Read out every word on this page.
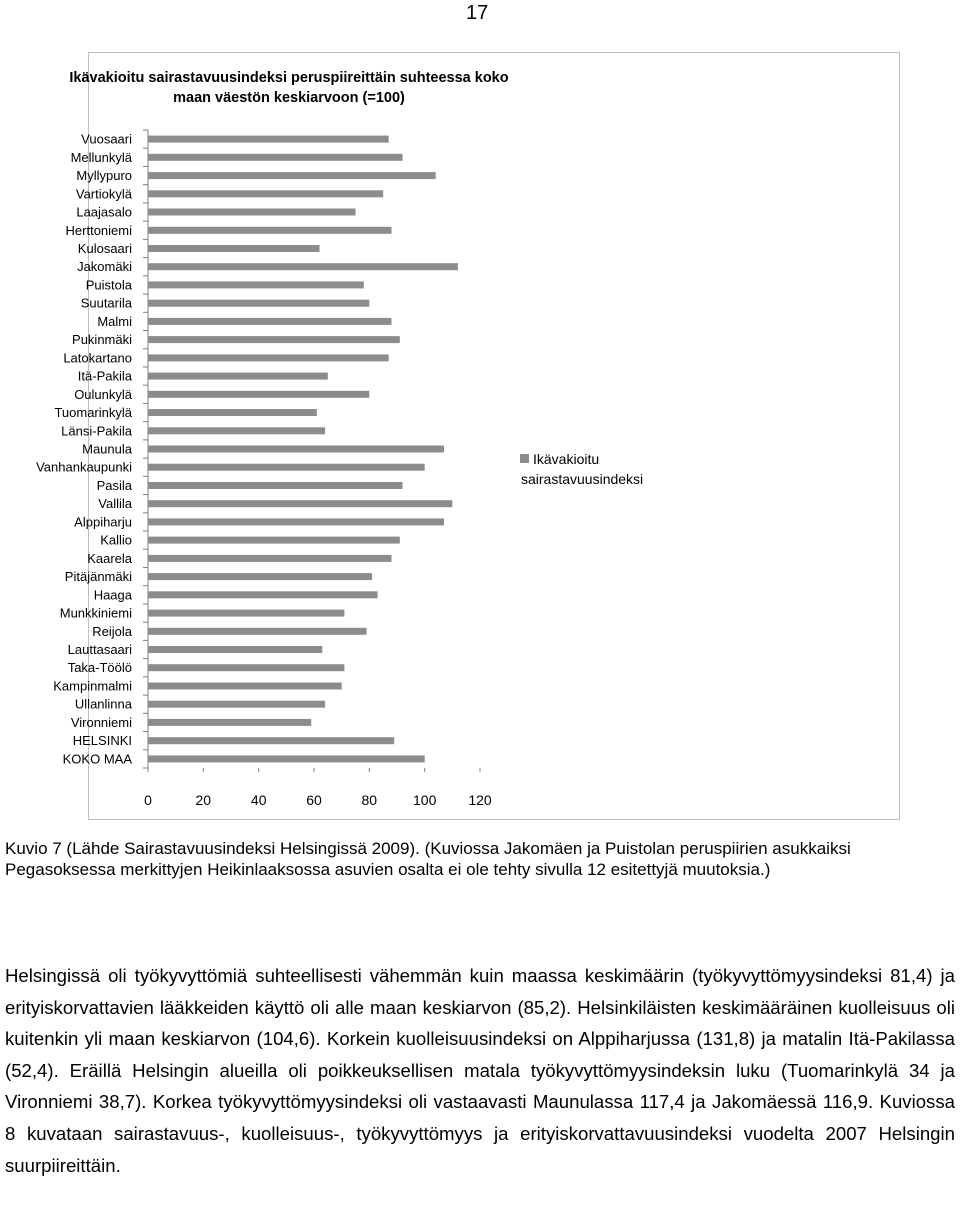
17
Ikävakioitu sairastavuusindeksi peruspiireittäin suhteessa koko maan väestön keskiarvoon (=100)
Vuosaari
Mellunkylä
Myllypuro
Vartiokylä
Laajasalo
Herttoniemi
Kulosaari
Jakomäki
Puistola
Suutarila
Malmi
Pukinmäki
Latokartano
Itä-Pakila
Oulunkylä
Tuomarinkylä
Länsi-Pakila
Maunula
Vanhankaupunki
Pasila
Vallila
Alppiharju
Kallio
Kaarela
Pitäjänmäki
Haaga
Munkkiniemi
Reijola
Lauttasaari
Taka-Töölö
Kampinmalmi
Ullanlinna
Vironniemi
HELSINKI
KOKO MAA
0	20	40	60	80	100 120
Ikävakioitu sairastavuusindeksi
Kuvio 7 (Lähde Sairastavuusindeksi Helsingissä 2009). (Kuviossa Jakomäen ja Puistolan peruspiirien asukkaiksi Pegasoksessa merkittyjen Heikinlaaksossa asuvien osalta ei ole tehty sivulla 12 esitettyjä muutoksia.)

Helsingissä oli työkyvyttömiä suhteellisesti vähemmän kuin maassa keskimäärin (työkyvyttömyysindeksi 81,4) ja erityiskorvattavien lääkkeiden käyttö oli alle maan keskiarvon (85,2). Helsinkiläisten keskimääräinen kuolleisuus oli kuitenkin yli maan keskiarvon (104,6). Korkein kuolleisuusindeksi on Alppiharjussa (131,8) ja matalin Itä-Pakilassa (52,4). Eräillä Helsingin alueilla oli poikkeuksellisen matala työkyvyttömyysindeksin luku (Tuomarinkylä 34 ja Vironniemi 38,7). Korkea työkyvyttömyysindeksi oli vastaavasti Maunulassa 117,4 ja Jakomäessä 116,9. Kuviossa 8 kuvataan sairastavuus-, kuolleisuus-, työkyvyttömyys ja erityiskorvattavuusindeksi vuodelta 2007 Helsingin suurpiireittäin.
